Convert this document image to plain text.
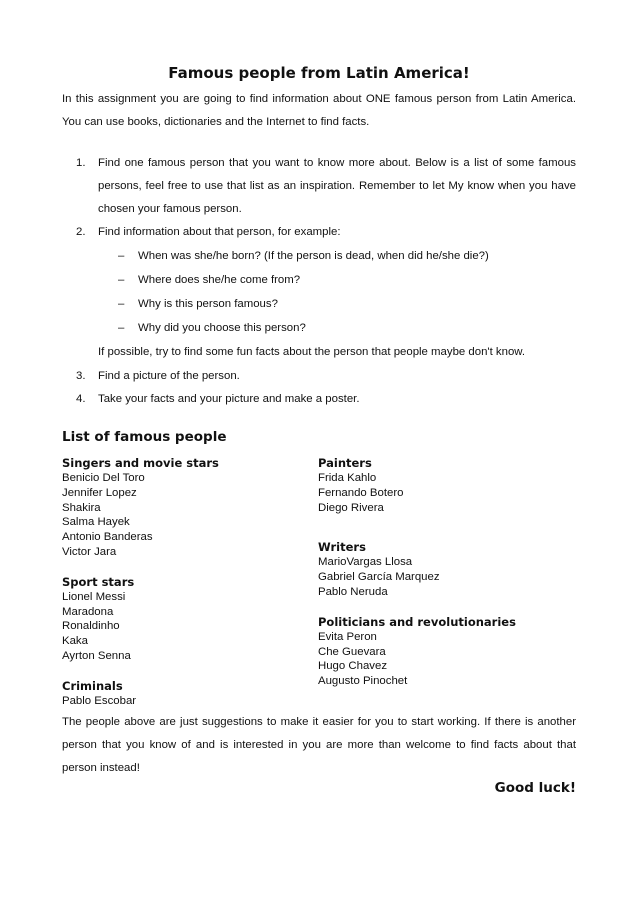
Famous people from Latin America!
In this assignment you are going to find information about ONE famous person from Latin America. You can use books, dictionaries and the Internet to find facts.
1. Find one famous person that you want to know more about. Below is a list of some famous persons, feel free to use that list as an inspiration. Remember to let My know when you have chosen your famous person.
2. Find information about that person, for example:
– When was she/he born? (If the person is dead, when did he/she die?)
– Where does she/he come from?
– Why is this person famous?
– Why did you choose this person?
If possible, try to find some fun facts about the person that people maybe don't know.
3. Find a picture of the person.
4. Take your facts and your picture and make a poster.
List of famous people
Singers and movie stars
Benicio Del Toro
Jennifer Lopez
Shakira
Salma Hayek
Antonio Banderas
Victor Jara
Sport stars
Lionel Messi
Maradona
Ronaldinho
Kaka
Ayrton Senna
Criminals
Pablo Escobar
Painters
Frida Kahlo
Fernando Botero
Diego Rivera
Writers
MarioVargas Llosa
Gabriel García Marquez
Pablo Neruda
Politicians and revolutionaries
Evita Peron
Che Guevara
Hugo Chavez
Augusto Pinochet
The people above are just suggestions to make it easier for you to start working. If there is another person that you know of and is interested in you are more than welcome to find facts about that person instead!
Good luck!
